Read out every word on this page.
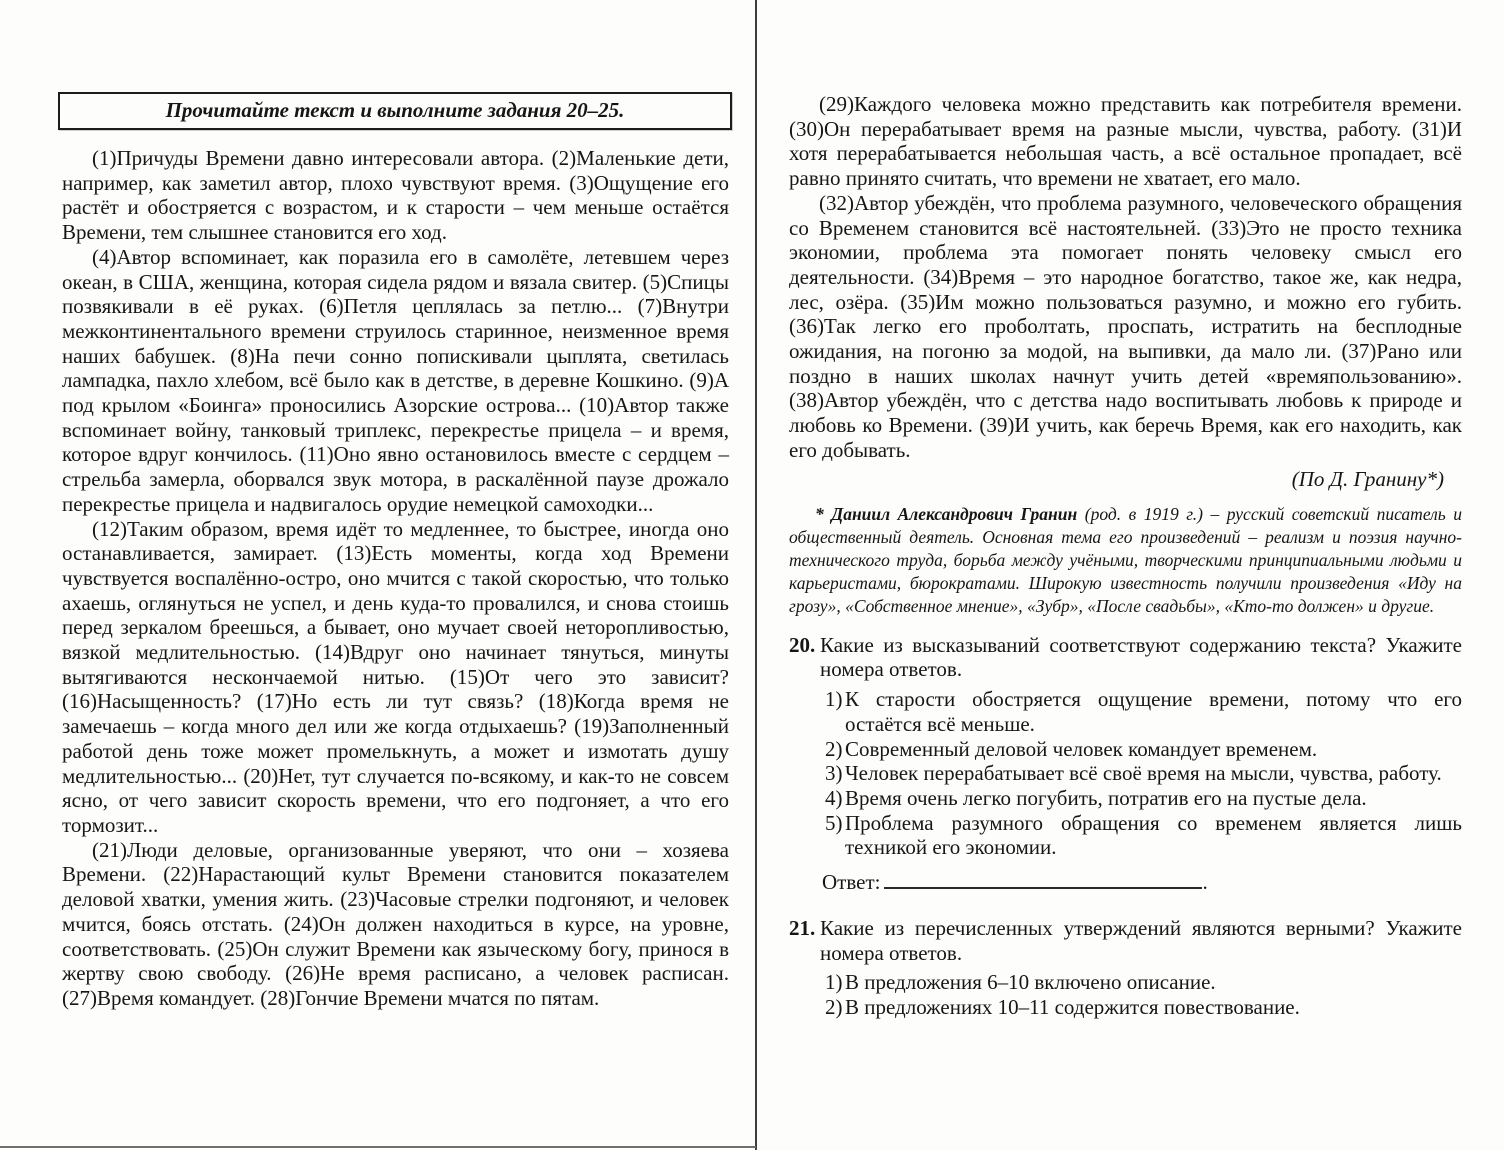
Прочитайте текст и выполните задания 20–25.

(1)Причуды Времени давно интересовали автора. (2)Маленькие дети, например, как заметил автор, плохо чувствуют время. (3)Ощущение его растёт и обостряется с возрастом, и к старости – чем меньше остаётся Времени, тем слышнее становится его ход.

(4)Автор вспоминает, как поразила его в самолёте, летевшем через океан, в США, женщина, которая сидела рядом и вязала свитер. (5)Спицы позвякивали в её руках. (6)Петля цеплялась за петлю... (7)Внутри межконтинентального времени струилось старинное, неизменное время наших бабушек. (8)На печи сонно попискивали цыплята, светилась лампадка, пахло хлебом, всё было как в детстве, в деревне Кошкино. (9)А под крылом «Боинга» проносились Азорские острова... (10)Автор также вспоминает войну, танковый триплекс, перекрестье прицела – и время, которое вдруг кончилось. (11)Оно явно остановилось вместе с сердцем – стрельба замерла, оборвался звук мотора, в раскалённой паузе дрожало перекрестье прицела и надвигалось орудие немецкой самоходки...

(12)Таким образом, время идёт то медленнее, то быстрее, иногда оно останавливается, замирает. (13)Есть моменты, когда ход Времени чувствуется воспалённо-остро, оно мчится с такой скоростью, что только ахаешь, оглянуться не успел, и день куда-то провалился, и снова стоишь перед зеркалом бреешься, а бывает, оно мучает своей неторопливостью, вязкой медлительностью. (14)Вдруг оно начинает тянуться, минуты вытягиваются нескончаемой нитью. (15)От чего это зависит? (16)Насыщенность? (17)Но есть ли тут связь? (18)Когда время не замечаешь – когда много дел или же когда отдыхаешь? (19)Заполненный работой день тоже может промелькнуть, а может и измотать душу медлительностью... (20)Нет, тут случается по-всякому, и как-то не совсем ясно, от чего зависит скорость времени, что его подгоняет, а что его тормозит...

(21)Люди деловые, организованные уверяют, что они – хозяева Времени. (22)Нарастающий культ Времени становится показателем деловой хватки, умения жить. (23)Часовые стрелки подгоняют, и человек мчится, боясь отстать. (24)Он должен находиться в курсе, на уровне, соответствовать. (25)Он служит Времени как языческому богу, принося в жертву свою свободу. (26)Не время расписано, а человек расписан. (27)Время командует. (28)Гончие Времени мчатся по пятам.

(29)Каждого человека можно представить как потребителя времени. (30)Он перерабатывает время на разные мысли, чувства, работу. (31)И хотя перерабатывается небольшая часть, а всё остальное пропадает, всё равно принято считать, что времени не хватает, его мало.

(32)Автор убеждён, что проблема разумного, человеческого обращения со Временем становится всё настоятельней. (33)Это не просто техника экономии, проблема эта помогает понять человеку смысл его деятельности. (34)Время – это народное богатство, такое же, как недра, лес, озёра. (35)Им можно пользоваться разумно, и можно его губить. (36)Так легко его проболтать, проспать, истратить на бесплодные ожидания, на погоню за модой, на выпивки, да мало ли. (37)Рано или поздно в наших школах начнут учить детей «времяпользованию». (38)Автор убеждён, что с детства надо воспитывать любовь к природе и любовь ко Времени. (39)И учить, как беречь Время, как его находить, как его добывать.

(По Д. Гранину*)
* Даниил Александрович Гранин (род. в 1919 г.) – русский советский писатель и общественный деятель. Основная тема его произведений – реализм и поэзия научно-технического труда, борьба между учёными, творческими принципиальными людьми и карьеристами, бюрократами. Широкую известность получили произведения «Иду на грозу», «Собственное мнение», «Зубр», «После свадьбы», «Кто-то должен» и другие.
20. Какие из высказываний соответствуют содержанию текста? Укажите номера ответов.
1) К старости обостряется ощущение времени, потому что его остаётся всё меньше.
2) Современный деловой человек командует временем.
3) Человек перерабатывает всё своё время на мысли, чувства, работу.
4) Время очень легко погубить, потратив его на пустые дела.
5) Проблема разумного обращения со временем является лишь техникой его экономии.
Ответ:	.
21. Какие из перечисленных утверждений являются верными? Укажите номера ответов.
1) В предложения 6–10 включено описание.
2) В предложениях 10–11 содержится повествование.
